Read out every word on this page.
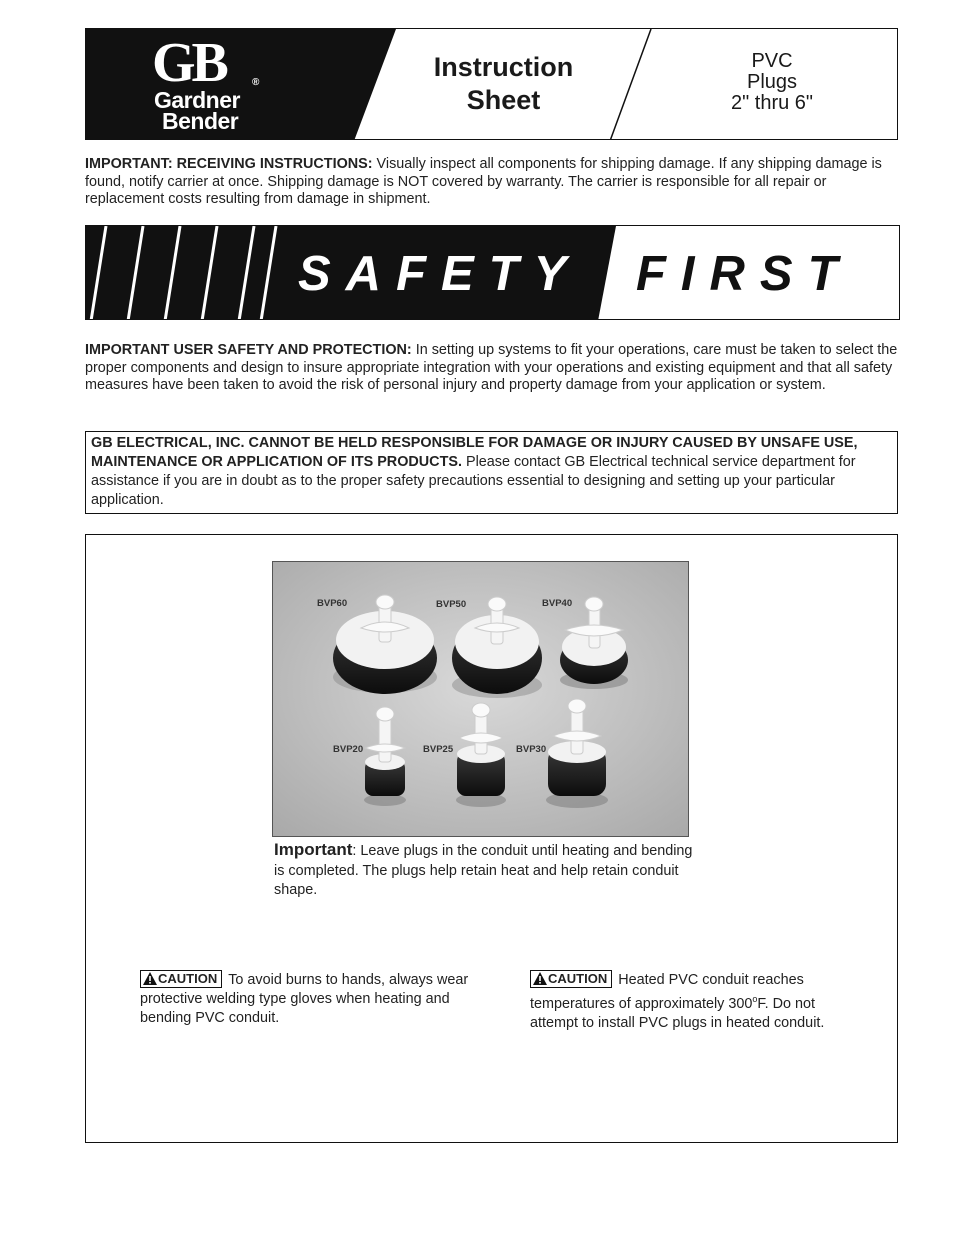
GB	®
Gardner
Bender
Instruction
Sheet
PVC
Plugs
2" thru 6"
IMPORTANT: RECEIVING INSTRUCTIONS: Visually inspect all components for shipping damage. If any shipping damage is found, notify carrier at once. Shipping damage is NOT covered by warranty. The carrier is responsible for all repair or replacement costs resulting from damage in shipment.
SAFETY FIRST
IMPORTANT USER SAFETY AND PROTECTION: In setting up systems to fit your operations, care must be taken to select the proper components and design to insure appropriate integration with your operations and existing equipment and that all safety measures have been taken to avoid the risk of personal injury and property damage from your application or system.
GB ELECTRICAL, INC. CANNOT BE HELD RESPONSIBLE FOR DAMAGE OR INJURY CAUSED BY UNSAFE USE, MAINTENANCE OR APPLICATION OF ITS PRODUCTS. Please contact GB Electrical technical service department for assistance if you are in doubt as to the proper safety precautions essential to designing and setting up your particular application.
BVP60	BVP50	BVP40
BVP20	BVP25	BVP30
Important: Leave plugs in the conduit until heating and bending is completed. The plugs help retain heat and help retain conduit shape.
CAUTION To avoid burns to hands, always wear protective welding type gloves when heating and bending PVC conduit.
CAUTION Heated PVC conduit reaches temperatures of approximately 300$^o$F. Do not attempt to install PVC plugs in heated conduit.
